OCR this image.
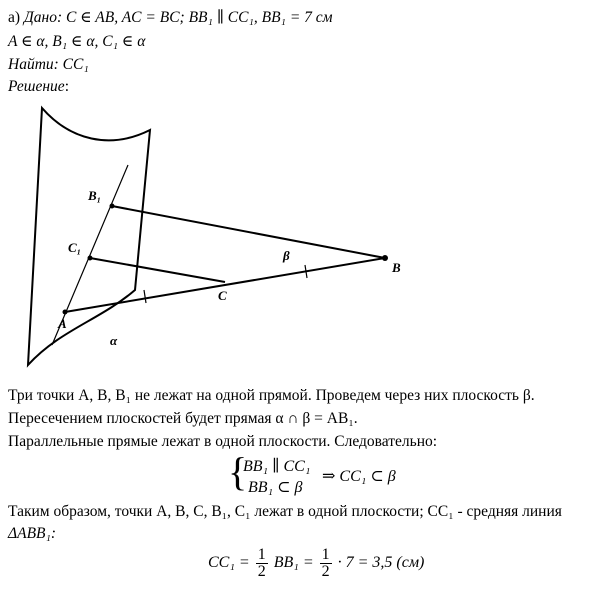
а) Дано: C ∈ AB, AC = BC; BB₁ ∥ CC₁, BB₁ = 7 см
A ∈ α, B₁ ∈ α, C₁ ∈ α
Найти: CC₁
Решение:
B₁
C₁
A
B
C
β
α
Три точки A, B, B₁ не лежат на одной прямой. Проведем через них плоскость β.
Пересечением плоскостей будет прямая α ∩ β = AB₁.
Параллельные прямые лежат в одной плоскости. Следовательно:
{
BB₁ ∥ CC₁
BB₁ ⊂ β
⇒ CC₁ ⊂ β
Таким образом, точки A, B, C, B₁, C₁ лежат в одной плоскости; CC₁ - средняя линия
ΔABB₁:
$CC_1 = \frac{1}{2} BB_1 = \frac{1}{2} \cdot 7 = 3,5$ (см)
